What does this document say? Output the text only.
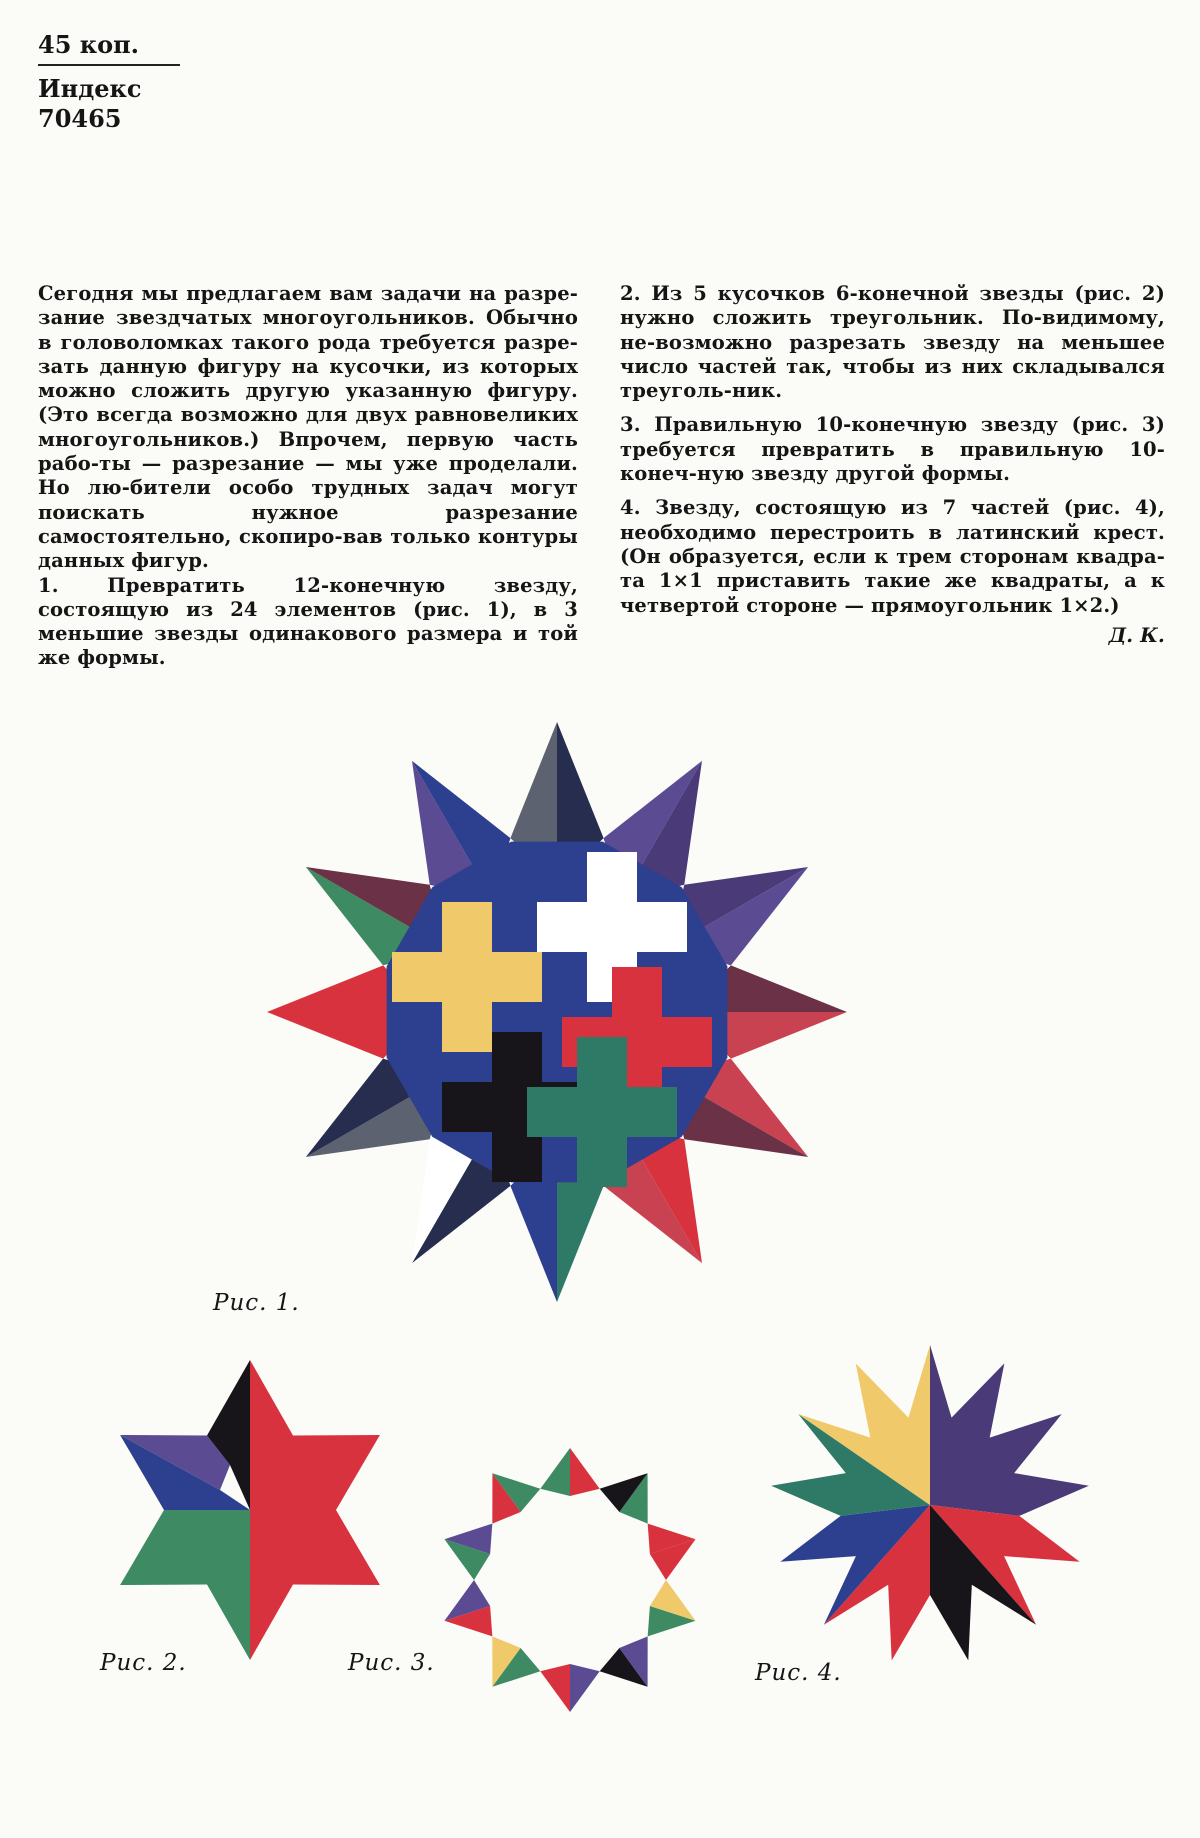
45 коп.
Индекс 70465

Сегодня мы предлагаем вам задачи на разре-зание звездчатых многоугольников. Обычно в головоломках такого рода требуется разре-зать данную фигуру на кусочки, из которых можно сложить другую указанную фигуру. (Это всегда возможно для двух равновеликих многоугольников.) Впрочем, первую часть рабо-ты — разрезание — мы уже проделали. Но лю-бители особо трудных задач могут поискать нужное разрезание самостоятельно, скопиро-вав только контуры данных фигур.

1. Превратить 12-конечную звезду, состоящую из 24 элементов (рис. 1), в 3 меньшие звезды одинакового размера и той же формы.

2. Из 5 кусочков 6-конечной звезды (рис. 2) нужно сложить треугольник. По-видимому, не-возможно разрезать звезду на меньшее число частей так, чтобы из них складывался треуголь-ник.

3. Правильную 10-конечную звезду (рис. 3) требуется превратить в правильную 10-конеч-ную звезду другой формы.

4. Звезду, состоящую из 7 частей (рис. 4), необходимо перестроить в латинский крест. (Он образуется, если к трем сторонам квадра-та 1×1 приставить такие же квадраты, а к четвертой стороне — прямоугольник 1×2.)

Д. К.
Рис. 1.
Рис. 2.	Рис. 3.	Рис. 4.
